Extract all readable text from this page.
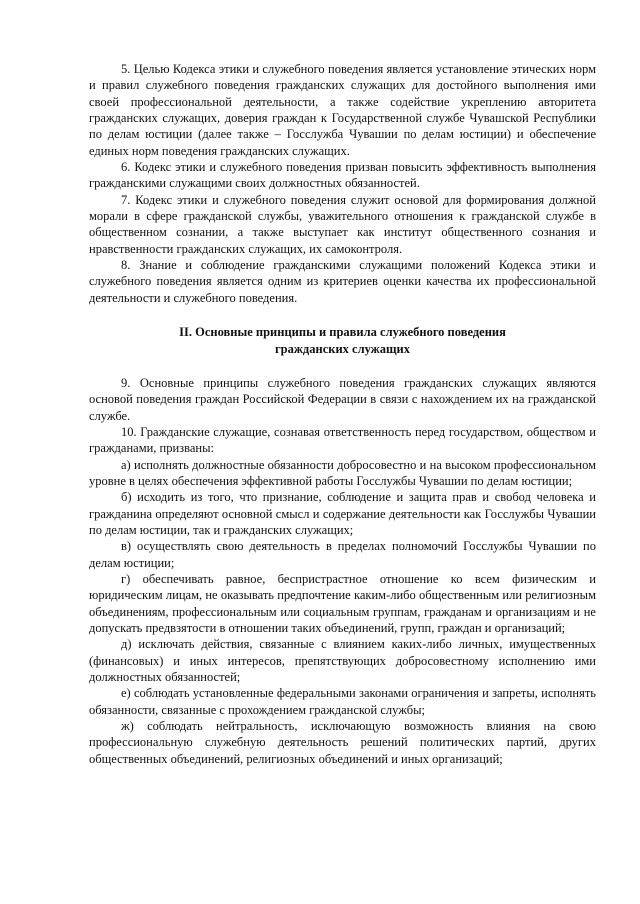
5. Целью Кодекса этики и служебного поведения является установление этических норм и правил служебного поведения гражданских служащих для достойного выполнения ими своей профессиональной деятельности, а также содействие укреплению авторитета гражданских служащих, доверия граждан к Государственной службе Чувашской Республики по делам юстиции (далее также – Госслужба Чувашии по делам юстиции) и обеспечение единых норм поведения гражданских служащих.

6. Кодекс этики и служебного поведения призван повысить эффективность выполнения гражданскими служащими своих должностных обязанностей.

7. Кодекс этики и служебного поведения служит основой для формирования должной морали в сфере гражданской службы, уважительного отношения к гражданской службе в общественном сознании, а также выступает как институт общественного сознания и нравственности гражданских служащих, их самоконтроля.

8. Знание и соблюдение гражданскими служащими положений Кодекса этики и служебного поведения является одним из критериев оценки качества их профессиональной деятельности и служебного поведения.

II. Основные принципы и правила служебного поведения

гражданских служащих

9. Основные принципы служебного поведения гражданских служащих являются основой поведения граждан Российской Федерации в связи с нахождением их на гражданской службе.

10. Гражданские служащие, сознавая ответственность перед государством, обществом и гражданами, призваны:

а) исполнять должностные обязанности добросовестно и на высоком профессиональном уровне в целях обеспечения эффективной работы Госслужбы Чувашии по делам юстиции;

б) исходить из того, что признание, соблюдение и защита прав и свобод человека и гражданина определяют основной смысл и содержание деятельности как Госслужбы Чувашии по делам юстиции, так и гражданских служащих;

в) осуществлять свою деятельность в пределах полномочий Госслужбы Чувашии по делам юстиции;

г) обеспечивать равное, беспристрастное отношение ко всем физическим и юридическим лицам, не оказывать предпочтение каким-либо общественным или религиозным объединениям, профессиональным или социальным группам, гражданам и организациям и не допускать предвзятости в отношении таких объединений, групп, граждан и организаций;

д) исключать действия, связанные с влиянием каких-либо личных, имущественных (финансовых) и иных интересов, препятствующих добросовестному исполнению ими должностных обязанностей;

е) соблюдать установленные федеральными законами ограничения и запреты, исполнять обязанности, связанные с прохождением гражданской службы;

ж) соблюдать нейтральность, исключающую возможность влияния на свою профессиональную служебную деятельность решений политических партий, других общественных объединений, религиозных объединений и иных организаций;
